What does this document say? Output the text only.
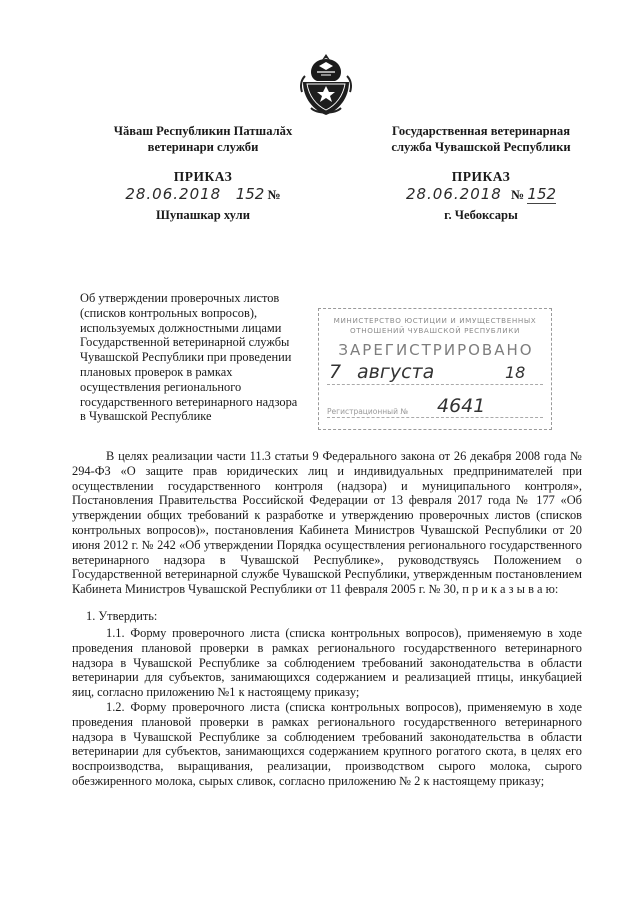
Чăваш Республикин Патшалăх
ветеринари служби
ПРИКАЗ
28.06.2018 152 №
Шупашкар хули
Государственная ветеринарная
служба Чувашской Республики
ПРИКАЗ
28.06.2018 № 152
г. Чебоксары
Об утверждении проверочных листов (списков контрольных вопросов), используемых должностными лицами Государственной ветеринарной службы Чувашской Республики при проведении плановых проверок в рамках осуществления регионального государственного ветеринарного надзора в Чувашской Республике
МИНИСТЕРСТВО ЮСТИЦИИ И ИМУЩЕСТВЕННЫХ ОТНОШЕНИЙ ЧУВАШСКОЙ РЕСПУБЛИКИ
ЗАРЕГИСТРИРОВАНО
7 августа	18
Регистрационный № 4641
В целях реализации части 11.3 статьи 9 Федерального закона от 26 декабря 2008 года № 294-ФЗ «О защите прав юридических лиц и индивидуальных предпринимателей при осуществлении государственного контроля (надзора) и муниципального контроля», Постановления Правительства Российской Федерации от 13 февраля 2017 года № 177 «Об утверждении общих требований к разработке и утверждению проверочных листов (списков контрольных вопросов)», постановления Кабинета Министров Чувашской Республики от 20 июня 2012 г. № 242 «Об утверждении Порядка осуществления регионального государственного ветеринарного надзора в Чувашской Республике», руководствуясь Положением о Государственной ветеринарной службе Чувашской Республики, утвержденным постановлением Кабинета Министров Чувашской Республики от 11 февраля 2005 г. № 30, п р и к а з ы в а ю:
1. Утвердить:
1.1. Форму проверочного листа (списка контрольных вопросов), применяемую в ходе проведения плановой проверки в рамках регионального государственного ветеринарного надзора в Чувашской Республике за соблюдением требований законодательства в области ветеринарии для субъектов, занимающихся содержанием и реализацией птицы, инкубацией яиц, согласно приложению №1 к настоящему приказу;
1.2. Форму проверочного листа (списка контрольных вопросов), применяемую в ходе проведения плановой проверки в рамках регионального государственного ветеринарного надзора в Чувашской Республике за соблюдением требований законодательства в области ветеринарии для субъектов, занимающихся содержанием крупного рогатого скота, в целях его воспроизводства, выращивания, реализации, производством сырого молока, сырого обезжиренного молока, сырых сливок, согласно приложению № 2 к настоящему приказу;
